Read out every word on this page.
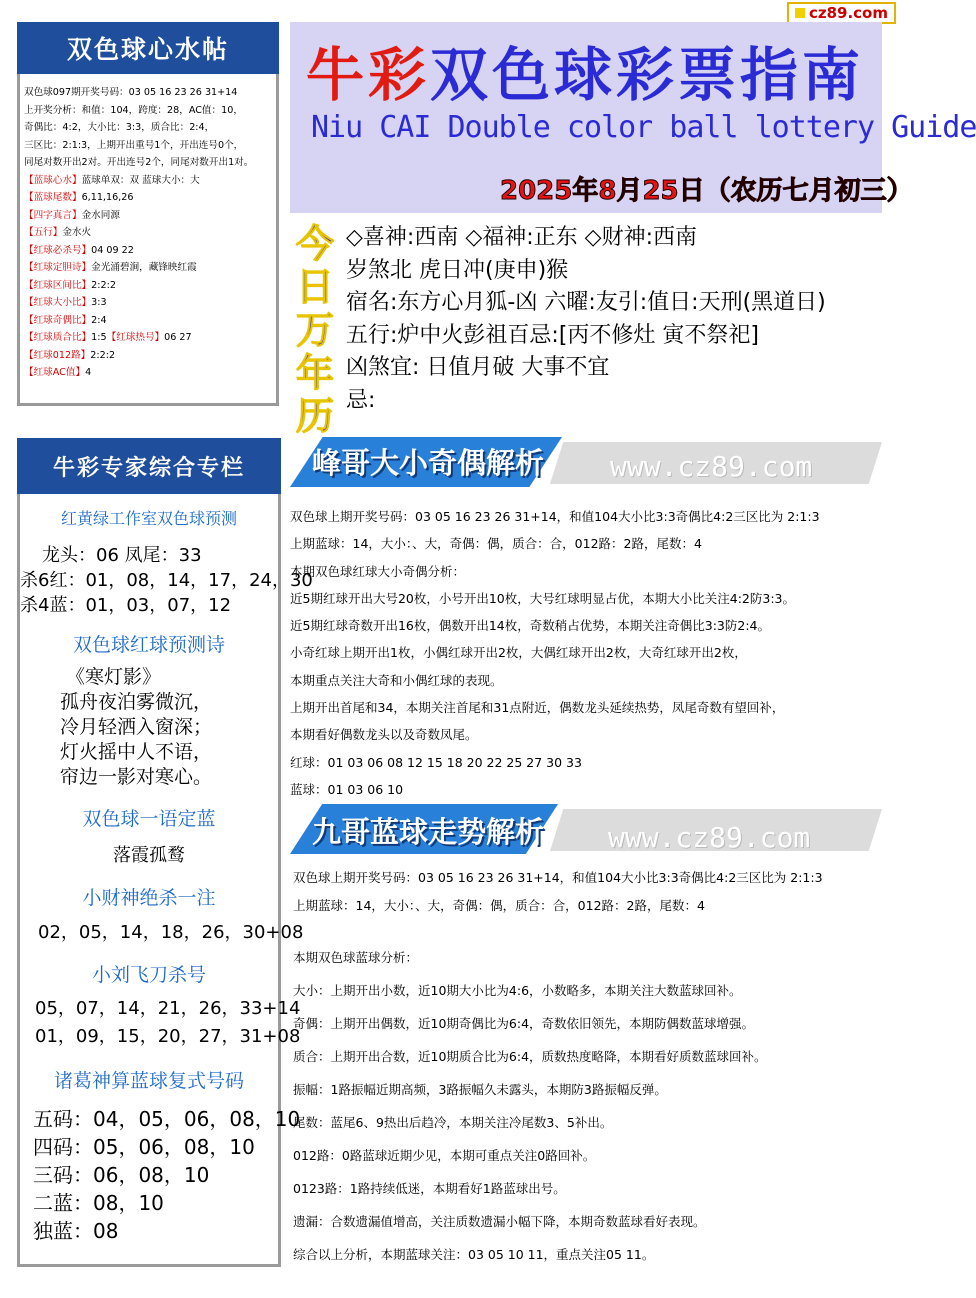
cz89.com
双色球心水帖
双色球097期开奖号码：03 05 16 23 26 31+14
上开奖分析：和值：104，跨度：28，AC值：10，
奇偶比：4:2，大小比：3:3，质合比：2:4，
三区比：2:1:3，上期开出重号1个，开出连号0个，
同尾对数开出2对。开出连号2个，同尾对数开出1对。
【蓝球心水】蓝球单双：双 蓝球大小：大
【蓝球尾数】6,11,16,26
【四字真言】金水同源
【五行】金水火
【红球必杀号】04 09 22
【红球定胆诗】金光涌碧涧，藏锋映红霞
【红球区间比】2:2:2
【红球大小比】3:3
【红球奇偶比】2:4
【红球质合比】1:5【红球热号】06 27
【红球012路】2:2:2
【红球AC值】4
牛彩专家综合专栏
红黄绿工作室双色球预测
龙头：06 凤尾：33
杀6红：01，08，14，17，24，30
杀4蓝：01，03，07，12
双色球红球预测诗
《寒灯影》
孤舟夜泊雾微沉，
冷月轻洒入窗深；
灯火摇中人不语，
帘边一影对寒心。
双色球一语定蓝
落霞孤鹜
小财神绝杀一注
02，05，14，18，26，30+08
小刘飞刀杀号
05，07，14，21，26，33+14
01，09，15，20，27，31+08
诸葛神算蓝球复式号码
五码：04，05，06，08，10
四码：05，06，08，10
三码：06，08，10
二蓝：08，10
独蓝：08
牛彩双色球彩票指南
Niu CAI Double color ball lottery Guide
2025年8月25日（农历七月初三）
今
日
万
年
历
◇喜神:西南 ◇福神:正东 ◇财神:西南
岁煞北 虎日冲(庚申)猴
宿名:东方心月狐-凶 六曜:友引:值日:天刑(黑道日)
五行:炉中火彭祖百忌:[丙不修灶 寅不祭祀]
凶煞宜: 日值月破 大事不宜
忌:
峰哥大小奇偶解析 www.cz89.com
双色球上期开奖号码：03 05 16 23 26 31+14，和值104大小比3:3奇偶比4:2三区比为 2:1:3
上期蓝球：14，大小：、大，奇偶：偶，质合：合，012路：2路，尾数：4
本期双色球红球大小奇偶分析：
近5期红球开出大号20枚，小号开出10枚，大号红球明显占优，本期大小比关注4:2防3:3。
近5期红球奇数开出16枚，偶数开出14枚，奇数稍占优势，本期关注奇偶比3:3防2:4。
小奇红球上期开出1枚，小偶红球开出2枚，大偶红球开出2枚，大奇红球开出2枚，
本期重点关注大奇和小偶红球的表现。
上期开出首尾和34，本期关注首尾和31点附近，偶数龙头延续热势，凤尾奇数有望回补，
本期看好偶数龙头以及奇数凤尾。
红球：01 03 06 08 12 15 18 20 22 25 27 30 33
蓝球：01 03 06 10
九哥蓝球走势解析 www.cz89.com
双色球上期开奖号码：03 05 16 23 26 31+14，和值104大小比3:3奇偶比4:2三区比为 2:1:3
上期蓝球：14，大小：、大，奇偶：偶，质合：合，012路：2路，尾数：4
本期双色球蓝球分析：
大小：上期开出小数，近10期大小比为4:6，小数略多，本期关注大数蓝球回补。
奇偶：上期开出偶数，近10期奇偶比为6:4，奇数依旧领先，本期防偶数蓝球增强。
质合：上期开出合数，近10期质合比为6:4，质数热度略降，本期看好质数蓝球回补。
振幅：1路振幅近期高频，3路振幅久未露头，本期防3路振幅反弹。
尾数：蓝尾6、9热出后趋冷，本期关注冷尾数3、5补出。
012路：0路蓝球近期少见，本期可重点关注0路回补。
0123路：1路持续低迷，本期看好1路蓝球出号。
遗漏：合数遗漏值增高，关注质数遗漏小幅下降，本期奇数蓝球看好表现。
综合以上分析，本期蓝球关注：03 05 10 11，重点关注05 11。
